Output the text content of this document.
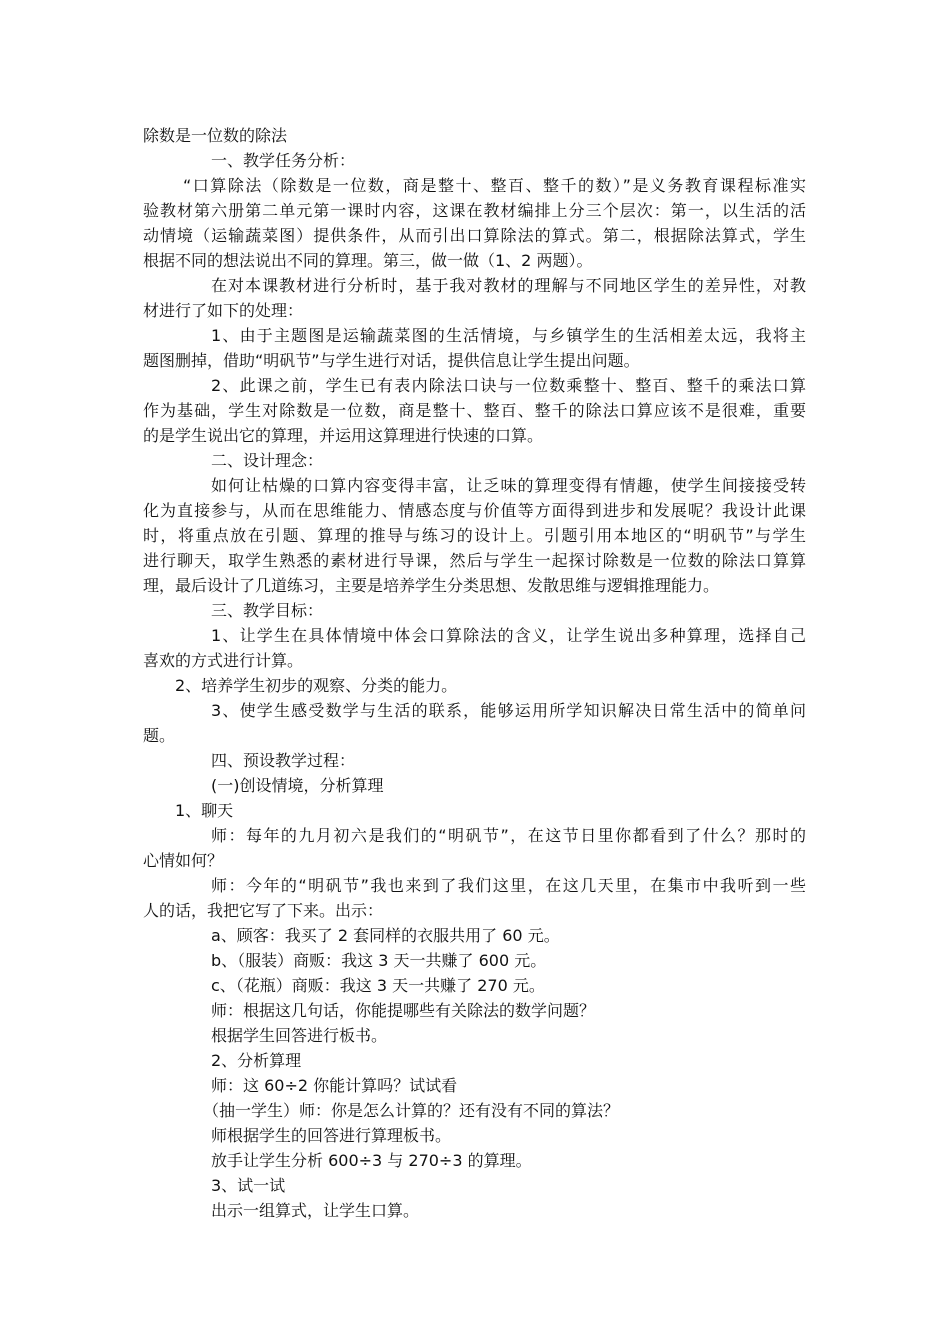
除数是一位数的除法
一、教学任务分析：
“口算除法（除数是一位数，商是整十、整百、整千的数）”是义务教育课程标准实
验教材第六册第二单元第一课时内容，这课在教材编排上分三个层次：第一，以生活的活
动情境（运输蔬菜图）提供条件，从而引出口算除法的算式。第二，根据除法算式，学生
根据不同的想法说出不同的算理。第三，做一做（1、2 两题）。
在对本课教材进行分析时，基于我对教材的理解与不同地区学生的差异性，对教
材进行了如下的处理：
1、由于主题图是运输蔬菜图的生活情境，与乡镇学生的生活相差太远，我将主
题图删掉，借助“明矾节”与学生进行对话，提供信息让学生提出问题。
2、此课之前，学生已有表内除法口诀与一位数乘整十、整百、整千的乘法口算
作为基础，学生对除数是一位数，商是整十、整百、整千的除法口算应该不是很难，重要
的是学生说出它的算理，并运用这算理进行快速的口算。
二、设计理念：
如何让枯燥的口算内容变得丰富，让乏味的算理变得有情趣，使学生间接接受转
化为直接参与，从而在思维能力、情感态度与价值等方面得到进步和发展呢？我设计此课
时，将重点放在引题、算理的推导与练习的设计上。引题引用本地区的“明矾节”与学生
进行聊天，取学生熟悉的素材进行导课，然后与学生一起探讨除数是一位数的除法口算算
理，最后设计了几道练习，主要是培养学生分类思想、发散思维与逻辑推理能力。
三、教学目标：
1、让学生在具体情境中体会口算除法的含义，让学生说出多种算理，选择自己
喜欢的方式进行计算。
2、培养学生初步的观察、分类的能力。
3、使学生感受数学与生活的联系，能够运用所学知识解决日常生活中的简单问
题。
四、预设教学过程：
(一)创设情境，分析算理
1、聊天
师：每年的九月初六是我们的“明矾节”，在这节日里你都看到了什么？那时的
心情如何？
师：今年的“明矾节”我也来到了我们这里，在这几天里，在集市中我听到一些
人的话，我把它写了下来。出示：
a、顾客：我买了 2 套同样的衣服共用了 60 元。
b、（服装）商贩：我这 3 天一共赚了 600 元。
c、（花瓶）商贩：我这 3 天一共赚了 270 元。
师：根据这几句话，你能提哪些有关除法的数学问题？
根据学生回答进行板书。
2、分析算理
师：这 60÷2 你能计算吗？试试看
（抽一学生）师：你是怎么计算的？还有没有不同的算法？
师根据学生的回答进行算理板书。
放手让学生分析 600÷3 与 270÷3 的算理。
3、试一试
出示一组算式，让学生口算。
